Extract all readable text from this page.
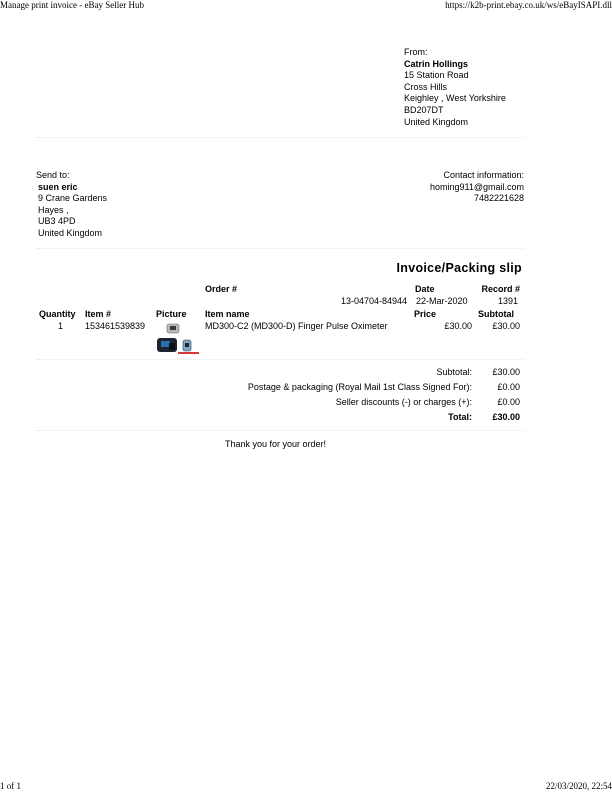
Manage print invoice - eBay Seller Hub	https://k2b-print.ebay.co.uk/ws/eBayISAPI.dll
From:
Catrin Hollings
15 Station Road
Cross Hills
Keighley , West Yorkshire
BD207DT
United Kingdom
Send to:
suen eric
9 Crane Gardens
Hayes ,
UB3 4PD
United Kingdom
Contact information:
homing911@gmail.com
7482221628
Invoice/Packing slip
Order #	Date	Record #
13-04704-84944 22-Mar-2020	1391
Quantity Item #	Picture Item name	Price	Subtotal
1 153461539839	MD300-C2 (MD300-D) Finger Pulse Oximeter	£30.00 £30.00
Subtotal: £30.00
Postage & packaging (Royal Mail 1st Class Signed For):	£0.00
Seller discounts (-) or charges (+):	£0.00
Total: £30.00
Thank you for your order!
1 of 1	22/03/2020, 22:54
